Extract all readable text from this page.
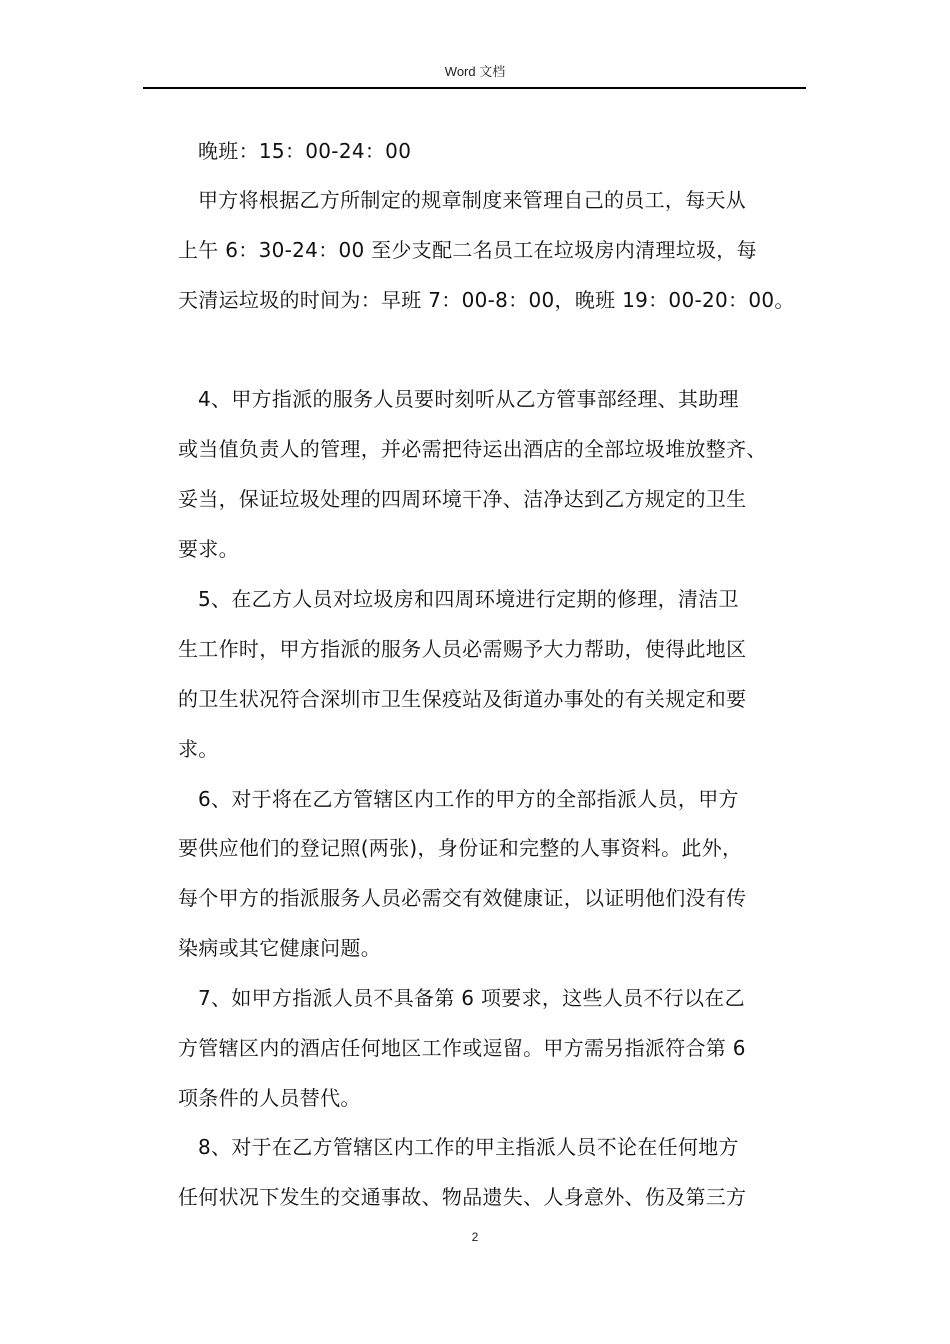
Word 文档
晚班：15：00-24：00
甲方将根据乙方所制定的规章制度来管理自己的员工，每天从
上午 6：30-24：00 至少支配二名员工在垃圾房内清理垃圾，每
天清运垃圾的时间为：早班 7：00-8：00，晚班 19：00-20：00。
4、甲方指派的服务人员要时刻听从乙方管事部经理、其助理
或当值负责人的管理，并必需把待运出酒店的全部垃圾堆放整齐、
妥当，保证垃圾处理的四周环境干净、洁净达到乙方规定的卫生
要求。
5、在乙方人员对垃圾房和四周环境进行定期的修理，清洁卫
生工作时，甲方指派的服务人员必需赐予大力帮助，使得此地区
的卫生状况符合深圳市卫生保疫站及街道办事处的有关规定和要
求。
6、对于将在乙方管辖区内工作的甲方的全部指派人员，甲方
要供应他们的登记照(两张)，身份证和完整的人事资料。此外，
每个甲方的指派服务人员必需交有效健康证，以证明他们没有传
染病或其它健康问题。
7、如甲方指派人员不具备第 6 项要求，这些人员不行以在乙
方管辖区内的酒店任何地区工作或逗留。甲方需另指派符合第 6
项条件的人员替代。
8、对于在乙方管辖区内工作的甲主指派人员不论在任何地方
任何状况下发生的交通事故、物品遗失、人身意外、伤及第三方
2
